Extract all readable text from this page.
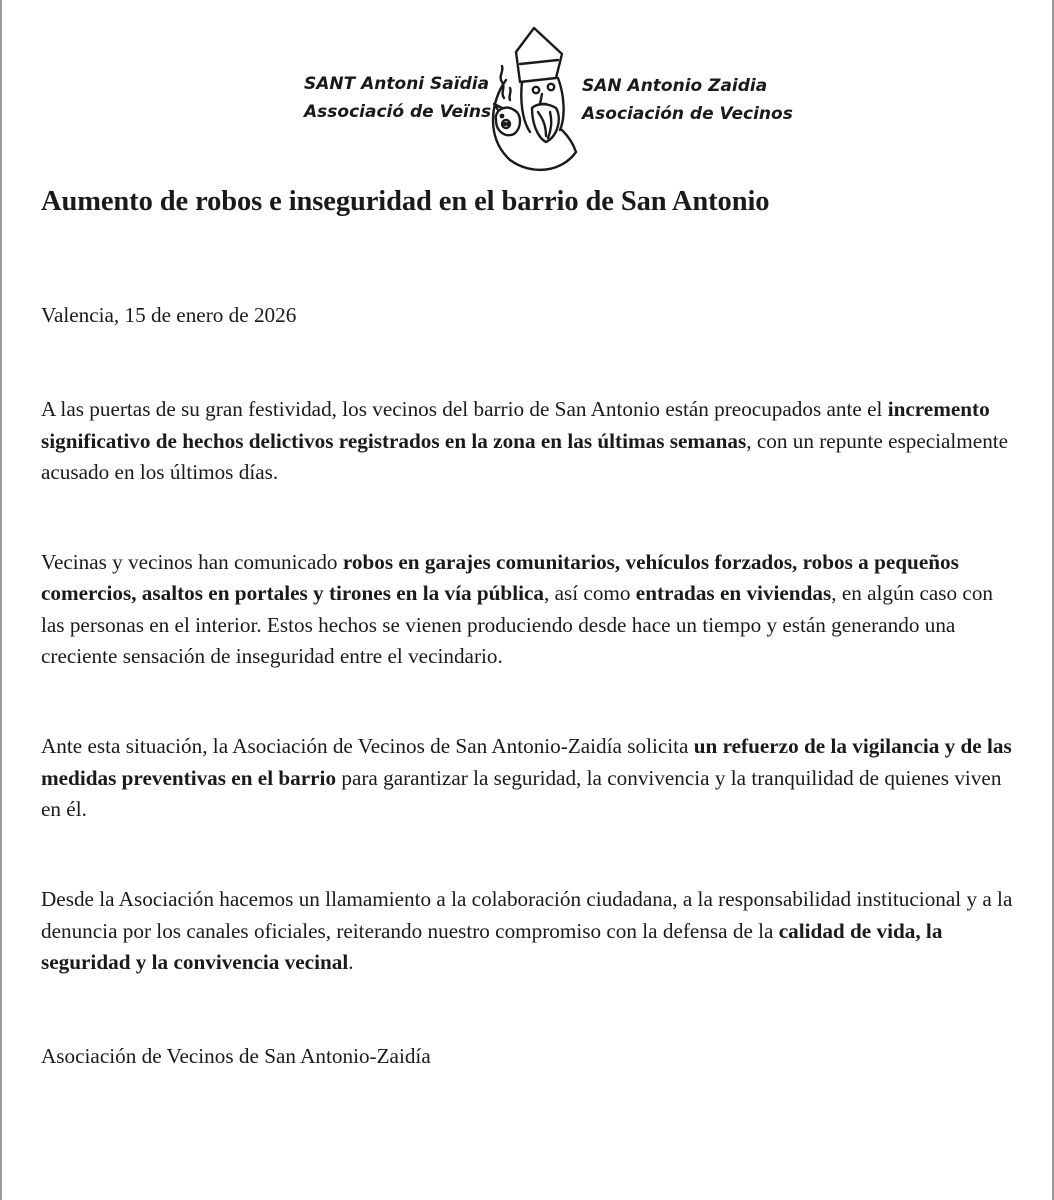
SANT Antoni Saïdia
Associació de Veïns
SAN Antonio Zaidia
Asociación de Vecinos
Aumento de robos e inseguridad en el barrio de San Antonio

Valencia, 15 de enero de 2026

A las puertas de su gran festividad, los vecinos del barrio de San Antonio están preocupados ante el incremento significativo de hechos delictivos registrados en la zona en las últimas semanas, con un repunte especialmente acusado en los últimos días.

Vecinas y vecinos han comunicado robos en garajes comunitarios, vehículos forzados, robos a pequeños comercios, asaltos en portales y tirones en la vía pública, así como entradas en viviendas, en algún caso con las personas en el interior. Estos hechos se vienen produciendo desde hace un tiempo y están generando una creciente sensación de inseguridad entre el vecindario.

Ante esta situación, la Asociación de Vecinos de San Antonio-Zaidía solicita un refuerzo de la vigilancia y de las medidas preventivas en el barrio para garantizar la seguridad, la convivencia y la tranquilidad de quienes viven en él.

Desde la Asociación hacemos un llamamiento a la colaboración ciudadana, a la responsabilidad institucional y a la denuncia por los canales oficiales, reiterando nuestro compromiso con la defensa de la calidad de vida, la seguridad y la convivencia vecinal.

Asociación de Vecinos de San Antonio-Zaidía
